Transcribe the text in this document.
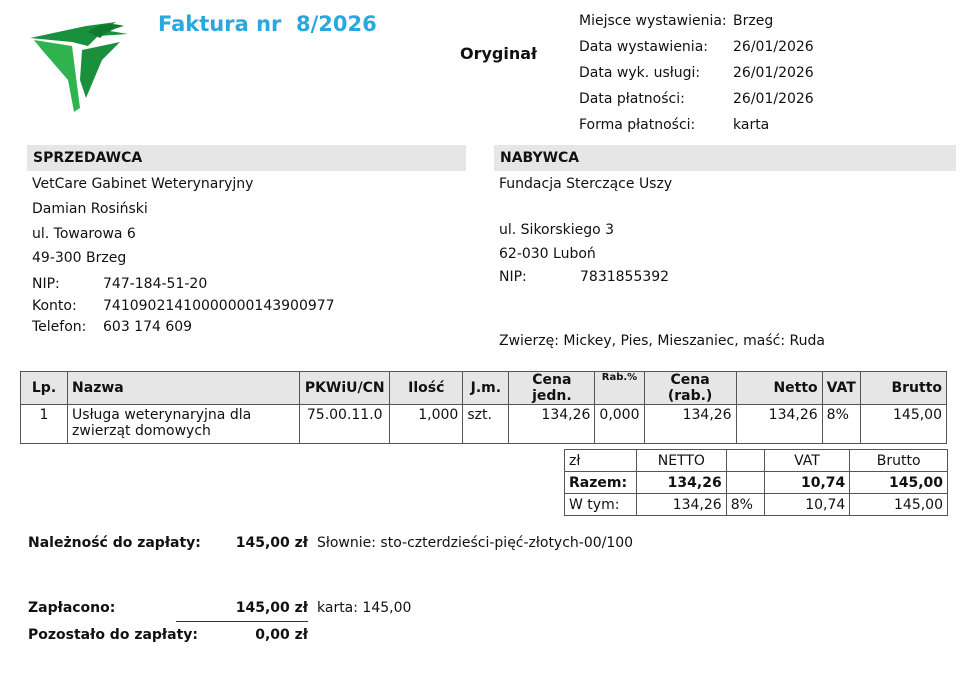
Faktura nr  8/2026
Oryginał
Miejsce wystawienia: Brzeg
Data wystawienia: 26/01/2026
Data wyk. usługi: 26/01/2026
Data płatności:	26/01/2026
Forma płatności:	karta
SPRZEDAWCA
VetCare Gabinet Weterynaryjny
Damian Rosiński
ul. Towarowa 6
49-300 Brzeg
NIP:	747-184-51-20
Konto: 74109021410000000143900977
Telefon: 603 174 609
NABYWCA
Fundacja Sterczące Uszy
ul. Sikorskiego 3
62-030 Luboń
NIP:	7831855392
Zwierzę: Mickey, Pies, Mieszaniec, maść: Ruda
Lp.	Nazwa	PKWiU/CN	Ilość	J.m.	Cena jedn.	Rab.%	Cena (rab.)	Netto	VAT	Brutto
1	Usługa weterynaryjna dla zwierząt domowych	75.00.11.0	1,000	szt.	134,26	0,000	134,26	134,26	8%	145,00
zł	NETTO		VAT	Brutto
Razem:	134,26		10,74	145,00
W tym:	134,26	8%	10,74	145,00
Należność do zapłaty:	145,00 zł Słownie: sto-czterdzieści-pięć-złotych-00/100
Zapłacono:	145,00 zł karta: 145,00
Pozostało do zapłaty:	0,00 zł
